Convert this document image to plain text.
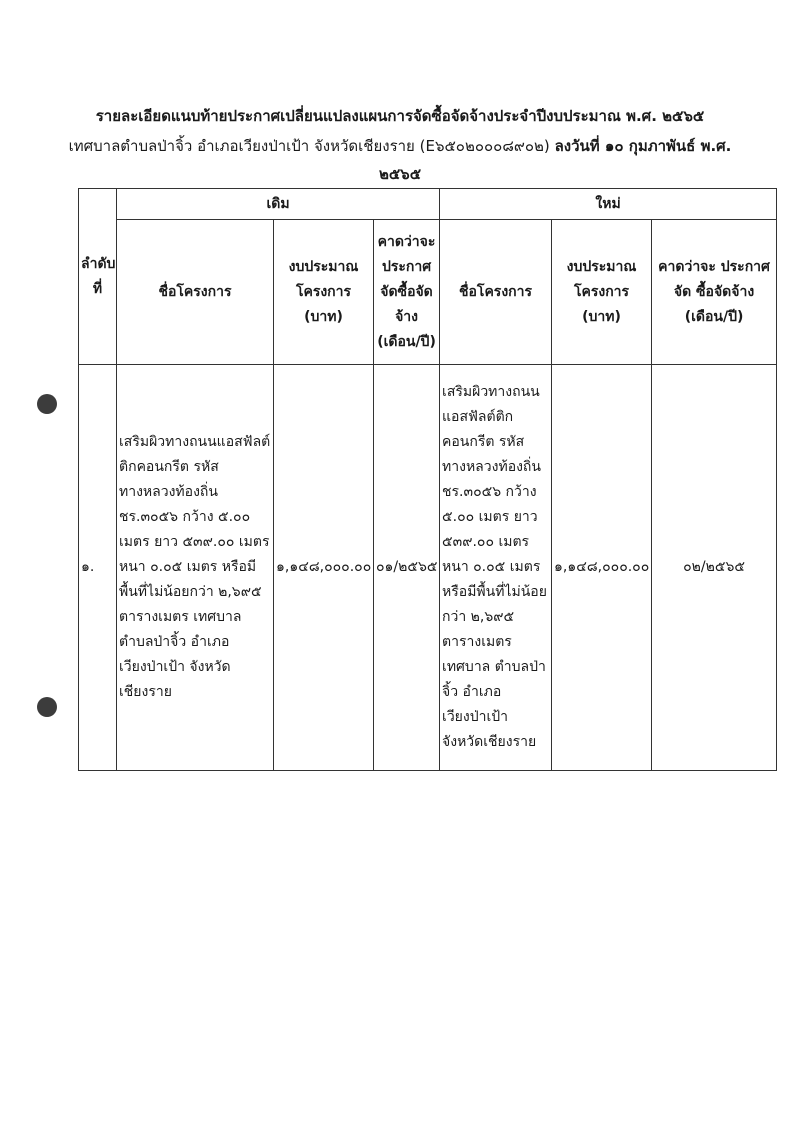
รายละเอียดแนบท้ายประกาศเปลี่ยนแปลงแผนการจัดซื้อจัดจ้างประจำปีงบประมาณ พ.ศ. ๒๕๖๕
เทศบาลตำบลป่าจิ้ว อำเภอเวียงป่าเป้า จังหวัดเชียงราย (E๖๕๐๒๐๐๐๘๙๐๒) ลงวันที่ ๑๐ กุมภาพันธ์ พ.ศ.
๒๕๖๕
ลำดับ ที่	เดิม			ใหม่		
	ชื่อโครงการ	งบประมาณ โครงการ (บาท)	คาดว่าจะ ประกาศ จัดซื้อจัด จ้าง (เดือน/ปี)	ชื่อโครงการ	งบประมาณ โครงการ (บาท)	คาดว่าจะ ประกาศจัด ซื้อจัดจ้าง (เดือน/ปี)
๑.	เสริมผิวทางถนนแอสฟัลต์ติกคอนกรีต รหัสทางหลวงท้องถิ่น ชร.๓๐๕๖ กว้าง ๕.๐๐ เมตร ยาว ๕๓๙.๐๐ เมตร หนา ๐.๐๕ เมตร หรือมีพื้นที่ไม่น้อยกว่า ๒,๖๙๕ ตารางเมตร เทศบาลตำบลป่าจิ้ว อำเภอเวียงป่าเป้า จังหวัดเชียงราย	๑,๑๔๘,๐๐๐.๐๐	๐๑/๒๕๖๕	เสริมผิวทางถนนแอสฟัลต์ติกคอนกรีต รหัสทางหลวงท้องถิ่น ชร.๓๐๕๖ กว้าง ๕.๐๐ เมตร ยาว ๕๓๙.๐๐ เมตร หนา ๐.๐๕ เมตร หรือมีพื้นที่ไม่น้อยกว่า ๒,๖๙๕ ตารางเมตร เทศบาล ตำบลป่าจิ้ว อำเภอเวียงป่าเป้า จังหวัดเชียงราย	๑,๑๔๘,๐๐๐.๐๐	๐๒/๒๕๖๕
